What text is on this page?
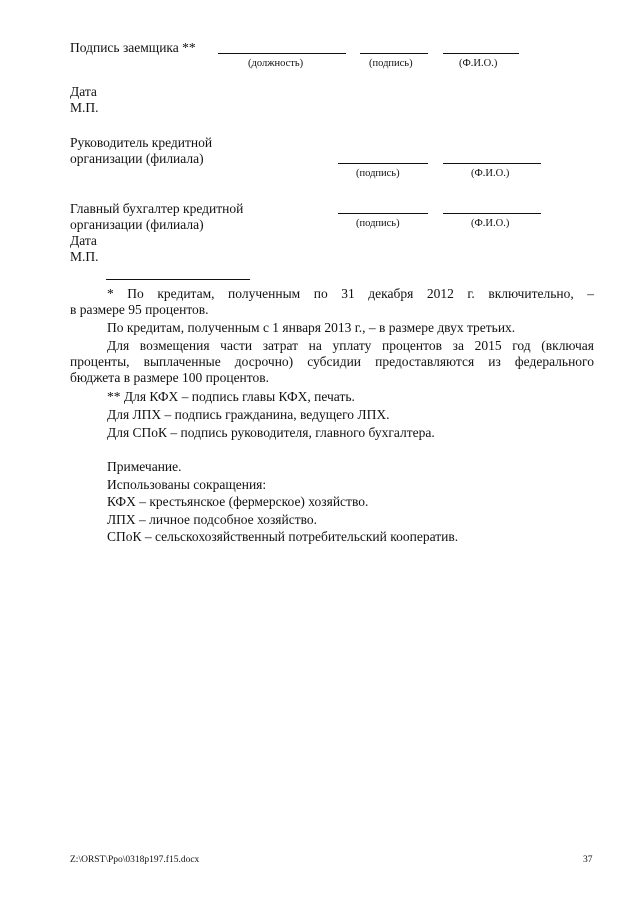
Подпись заемщика **
(должность)	(подпись)	(Ф.И.О.)
Дата
М.П.
Руководитель кредитной
организации (филиала)
(подпись)	(Ф.И.О.)
Главный бухгалтер кредитной
организации (филиала)	(подпись)	(Ф.И.О.)
Дата
М.П.
* По кредитам, полученным по 31 декабря 2012 г. включительно, –
в размере 95 процентов.
По кредитам, полученным с 1 января 2013 г., – в размере двух третьих.
Для возмещения части затрат на уплату процентов за 2015 год (включая
проценты, выплаченные досрочно) субсидии предоставляются из федерального
бюджета в размере 100 процентов.
** Для КФХ – подпись главы КФХ, печать.
Для ЛПХ – подпись гражданина, ведущего ЛПХ.
Для СПоК – подпись руководителя, главного бухгалтера.
Примечание.
Использованы сокращения:
КФХ – крестьянское (фермерское) хозяйство.
ЛПХ – личное подсобное хозяйство.
СПоК – сельскохозяйственный потребительский кооператив.
Z:\ORST\Ppo\0318p197.f15.docx	37
